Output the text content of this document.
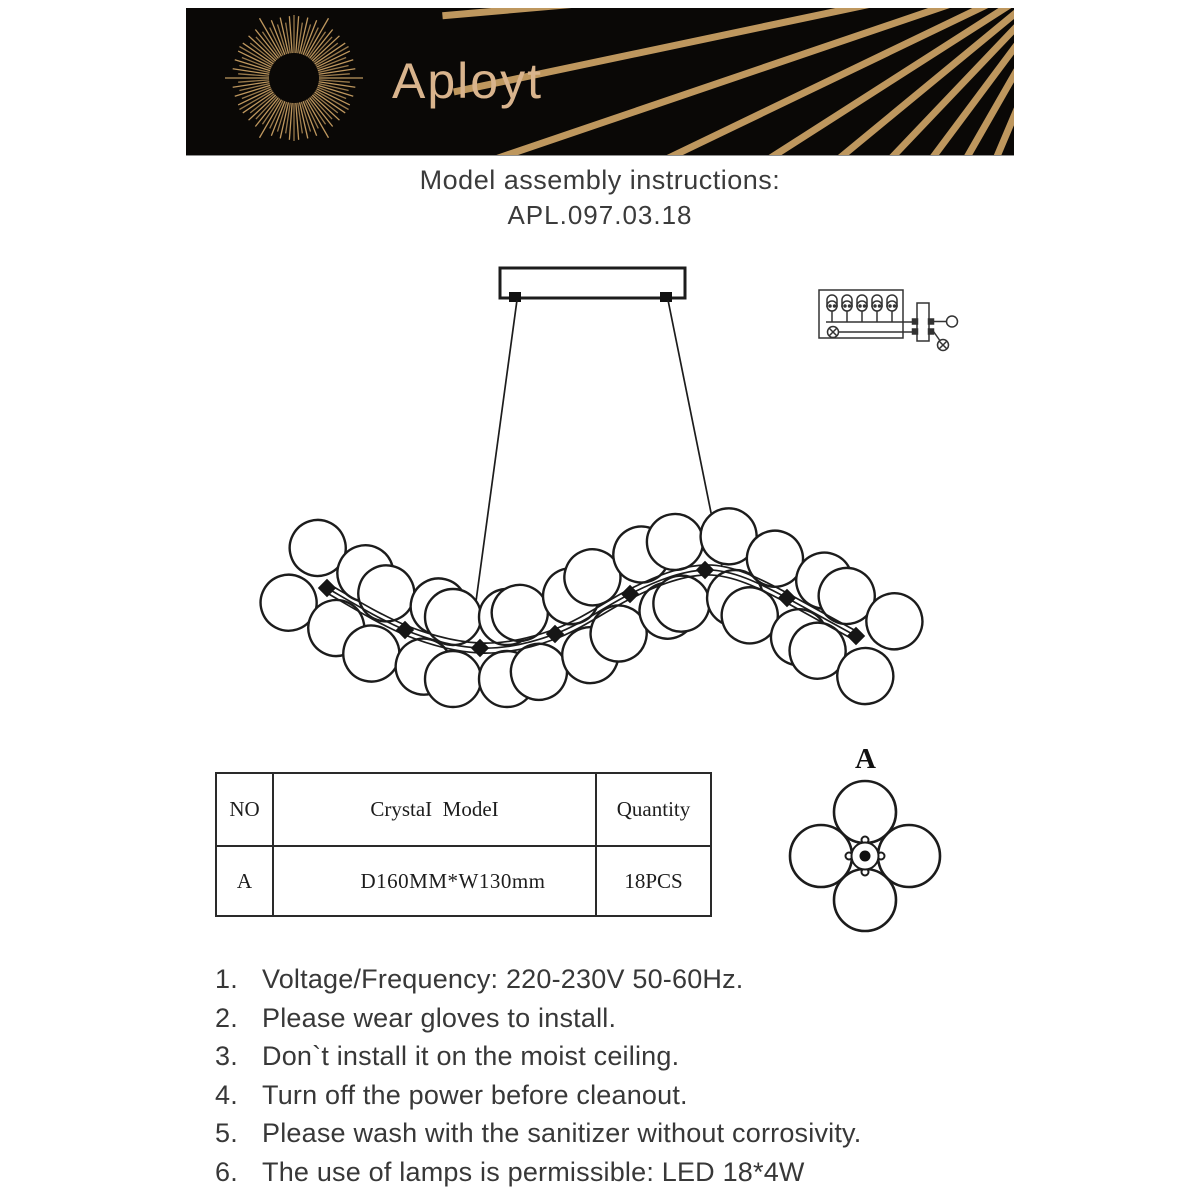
Aployt
Model assembly instructions:
APL.097.03.18
NO	CrystaI  ModeI	Quantity
A	D160MM*W130mm	18PCS
A
1. Voltage/Frequency: 220-230V 50-60Hz.
2. Please wear gloves to install.
3. Don`t install it on the moist ceiling.
4. Turn off the power before cleanout.
5. Please wash with the sanitizer without corrosivity.
6. The use of lamps is permissible: LED 18*4W
